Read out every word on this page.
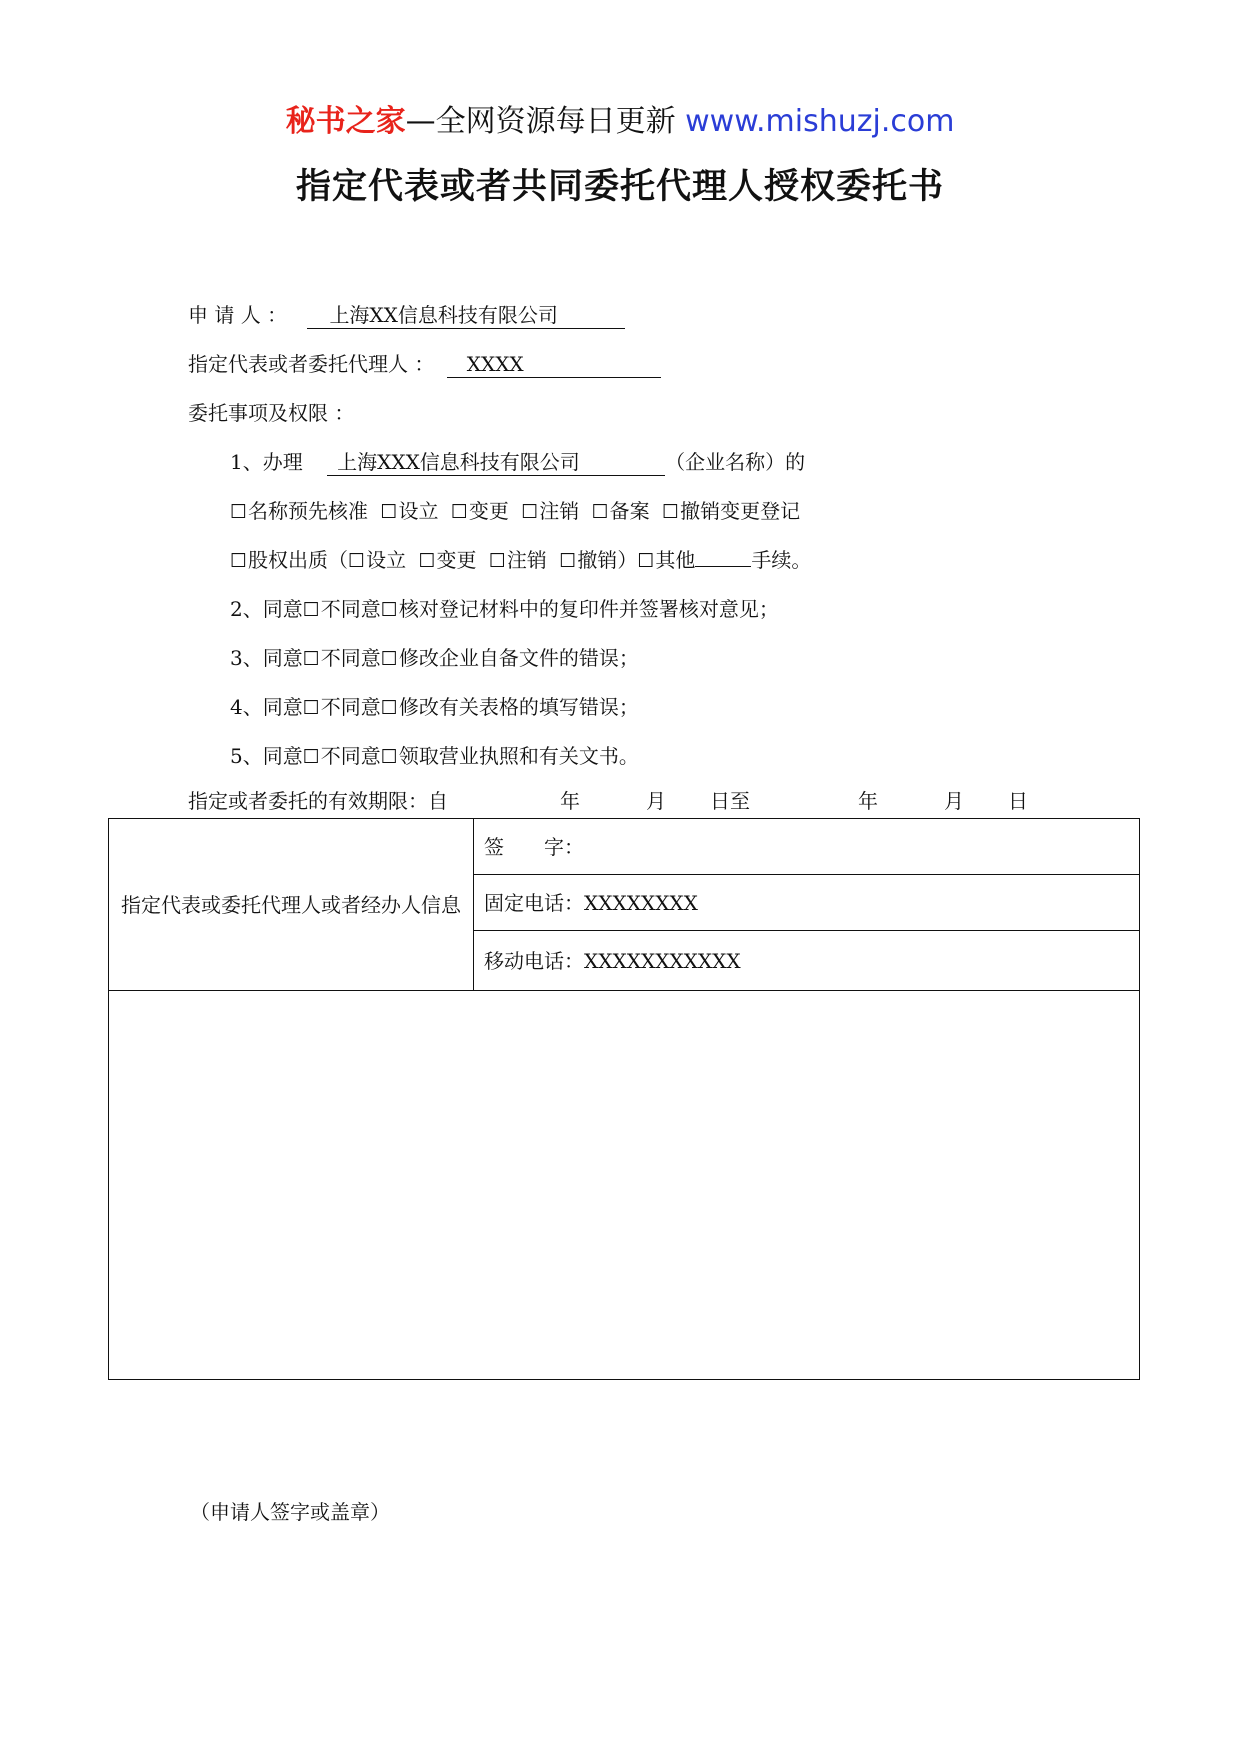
秘书之家—全网资源每日更新 www.mishuzj.com
指定代表或者共同委托代理人授权委托书
申 请 人 ： 上海XX信息科技有限公司
指定代表或者委托代理人 ： XXXX
委托事项及权限 ：
1、办理 上海XXX信息科技有限公司	（企业名称）的
☐名称预先核准 ☐设立 ☐变更 ☐注销 ☐备案 ☐撤销变更登记
☐股权出质（☐设立 ☐变更 ☐注销 ☐撤销）☐其他	手续。
2、同意☐不同意☐核对登记材料中的复印件并签署核对意见；
3、同意☐不同意☐修改企业自备文件的错误；
4、同意☐不同意☐修改有关表格的填写错误；
5、同意☐不同意☐领取营业执照和有关文书。
指定或者委托的有效期限：自	年	月 日至	年	月 日
指定代表或委托代理人或者经办人信息
签　　字：
固定电话： XXXXXXXX
移动电话： XXXXXXXXXXX
（申请人签字或盖章）
